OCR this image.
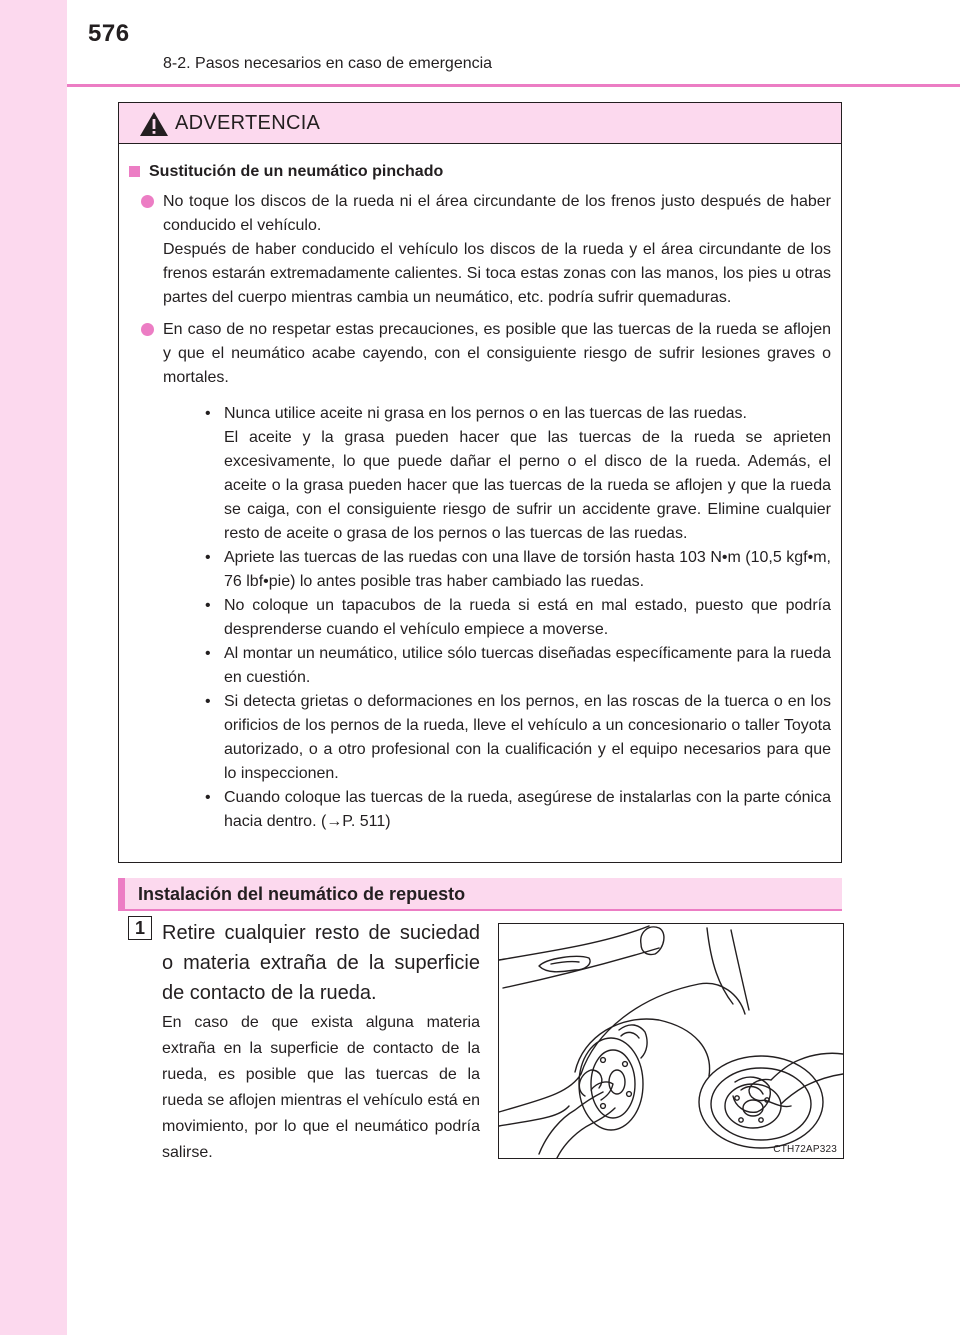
576
8-2. Pasos necesarios en caso de emergencia
ADVERTENCIA
Sustitución de un neumático pinchado

No toque los discos de la rueda ni el área circundante de los frenos justo después de haber conducido el vehículo.

Después de haber conducido el vehículo los discos de la rueda y el área circundante de los frenos estarán extremadamente calientes. Si toca estas zonas con las manos, los pies u otras partes del cuerpo mientras cambia un neumático, etc. podría sufrir quemaduras.

En caso de no respetar estas precauciones, es posible que las tuercas de la rueda se aflojen y que el neumático acabe cayendo, con el consiguiente riesgo de sufrir lesiones graves o mortales.

• Nunca utilice aceite ni grasa en los pernos o en las tuercas de las ruedas.

El aceite y la grasa pueden hacer que las tuercas de la rueda se aprieten excesivamente, lo que puede dañar el perno o el disco de la rueda. Además, el aceite o la grasa pueden hacer que las tuercas de la rueda se aflojen y que la rueda se caiga, con el consiguiente riesgo de sufrir un accidente grave. Elimine cualquier resto de aceite o grasa de los pernos o las tuercas de las ruedas.

• Apriete las tuercas de las ruedas con una llave de torsión hasta 103 N•m (10,5 kgf•m, 76 lbf•pie) lo antes posible tras haber cambiado las ruedas.

• No coloque un tapacubos de la rueda si está en mal estado, puesto que podría desprenderse cuando el vehículo empiece a moverse.

• Al montar un neumático, utilice sólo tuercas diseñadas específicamente para la rueda en cuestión.

• Si detecta grietas o deformaciones en los pernos, en las roscas de la tuerca o en los orificios de los pernos de la rueda, lleve el vehículo a un concesionario o taller Toyota autorizado, o a otro profesional con la cualificación y el equipo necesarios para que lo inspeccionen.

• Cuando coloque las tuercas de la rueda, asegúrese de instalarlas con la parte cónica hacia dentro. (→P. 511)

Instalación del neumático de repuesto
1 Retire cualquier resto de suciedad o materia extraña de la superficie de contacto de la rueda.
En caso de que exista alguna materia extraña en la superficie de contacto de la rueda, es posible que las tuercas de la rueda se aflojen mientras el vehículo está en movimiento, por lo que el neumático podría salirse.	CTH72AP323
